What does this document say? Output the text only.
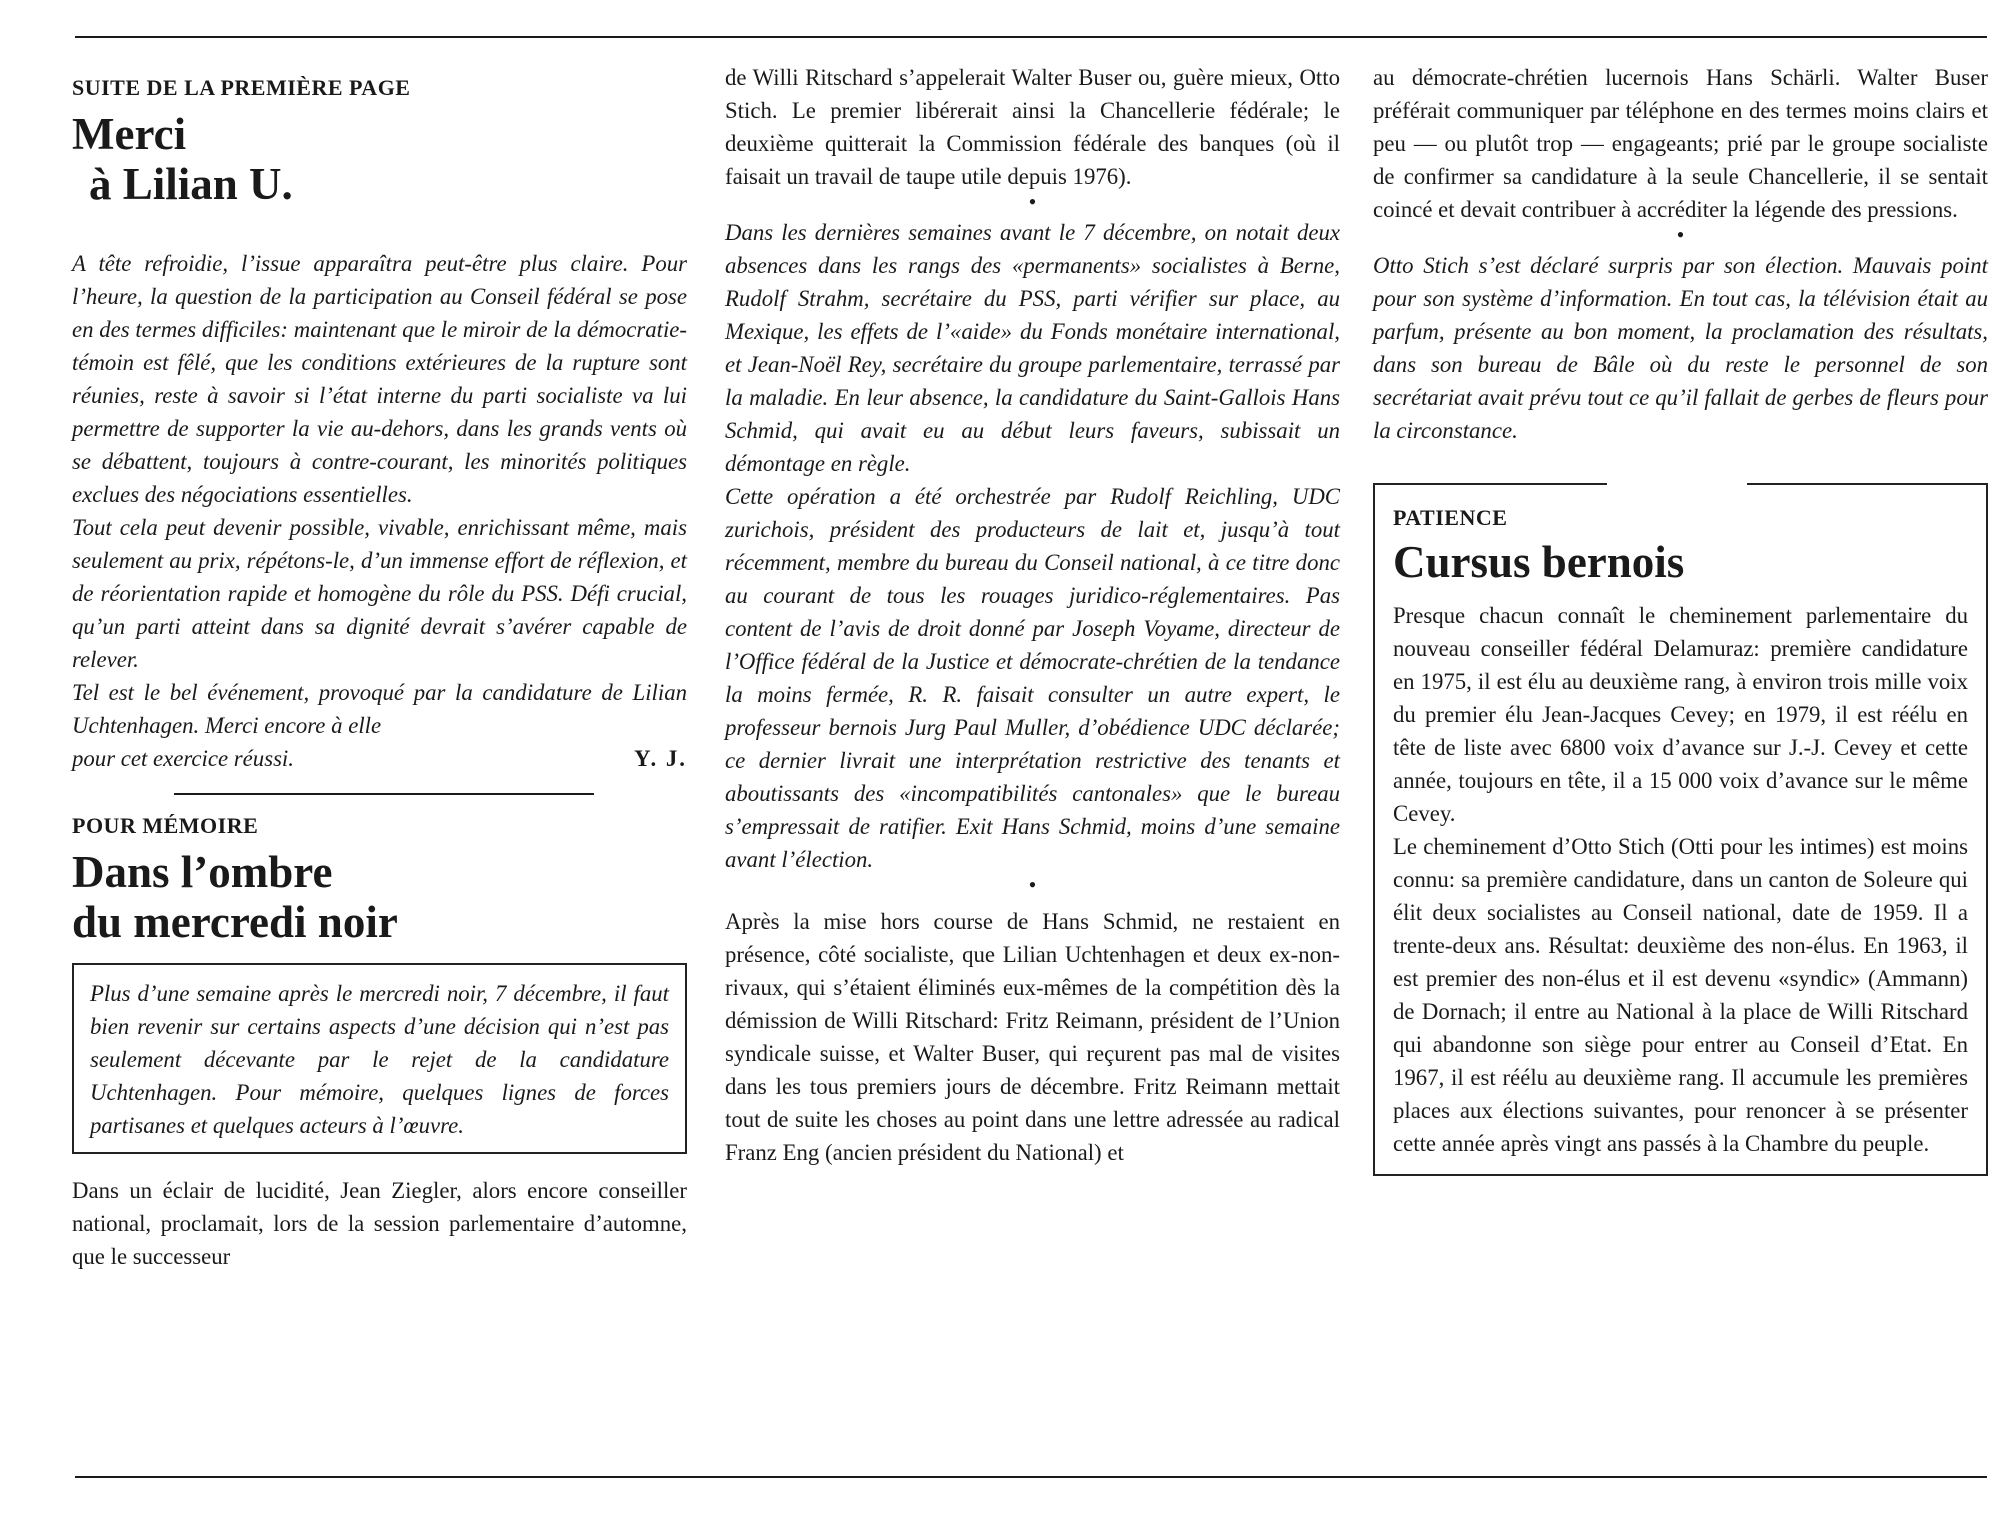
SUITE DE LA PREMIÈRE PAGE
Merci
à Lilian U.

A tête refroidie, l’issue apparaîtra peut-être plus claire. Pour l’heure, la question de la participation au Conseil fédéral se pose en des termes difficiles: maintenant que le miroir de la démocratie-témoin est fêlé, que les conditions extérieures de la rupture sont réunies, reste à savoir si l’état interne du parti socialiste va lui permettre de supporter la vie au-dehors, dans les grands vents où se débattent, toujours à contre-courant, les minorités politiques exclues des négociations essentielles.

Tout cela peut devenir possible, vivable, enrichissant même, mais seulement au prix, répétons-le, d’un immense effort de réflexion, et de réorientation rapide et homogène du rôle du PSS. Défi crucial, qu’un parti atteint dans sa dignité devrait s’avérer capable de relever.

Tel est le bel événement, provoqué par la candidature de Lilian Uchtenhagen. Merci encore à elle

pour cet exercice réussi.	Y. J.

POUR MÉMOIRE
Dans l’ombre
du mercredi noir

Plus d’une semaine après le mercredi noir, 7 décembre, il faut bien revenir sur certains aspects d’une décision qui n’est pas seulement décevante par le rejet de la candidature Uchtenhagen. Pour mémoire, quelques lignes de forces partisanes et quelques acteurs à l’œuvre.

Dans un éclair de lucidité, Jean Ziegler, alors encore conseiller national, proclamait, lors de la session parlementaire d’automne, que le successeur

de Willi Ritschard s’appelerait Walter Buser ou, guère mieux, Otto Stich. Le premier libérerait ainsi la Chancellerie fédérale; le deuxième quitterait la Commission fédérale des banques (où il faisait un travail de taupe utile depuis 1976).

•

Dans les dernières semaines avant le 7 décembre, on notait deux absences dans les rangs des «permanents» socialistes à Berne, Rudolf Strahm, secrétaire du PSS, parti vérifier sur place, au Mexique, les effets de l’«aide» du Fonds monétaire international, et Jean-Noël Rey, secrétaire du groupe parlementaire, terrassé par la maladie. En leur absence, la candidature du Saint-Gallois Hans Schmid, qui avait eu au début leurs faveurs, subissait un démontage en règle.

Cette opération a été orchestrée par Rudolf Reichling, UDC zurichois, président des producteurs de lait et, jusqu’à tout récemment, membre du bureau du Conseil national, à ce titre donc au courant de tous les rouages juridico-réglementaires. Pas content de l’avis de droit donné par Joseph Voyame, directeur de l’Office fédéral de la Justice et démocrate-chrétien de la tendance la moins fermée, R. R. faisait consulter un autre expert, le professeur bernois Jurg Paul Muller, d’obédience UDC déclarée; ce dernier livrait une interprétation restrictive des tenants et aboutissants des «incompatibilités cantonales» que le bureau s’empressait de ratifier. Exit Hans Schmid, moins d’une semaine avant l’élection.

•

Après la mise hors course de Hans Schmid, ne restaient en présence, côté socialiste, que Lilian Uchtenhagen et deux ex-non-rivaux, qui s’étaient éliminés eux-mêmes de la compétition dès la démission de Willi Ritschard: Fritz Reimann, président de l’Union syndicale suisse, et Walter Buser, qui reçurent pas mal de visites dans les tous premiers jours de décembre. Fritz Reimann mettait tout de suite les choses au point dans une lettre adressée au radical Franz Eng (ancien président du National) et

au démocrate-chrétien lucernois Hans Schärli. Walter Buser préférait communiquer par téléphone en des termes moins clairs et peu — ou plutôt trop — engageants; prié par le groupe socialiste de confirmer sa candidature à la seule Chancellerie, il se sentait coincé et devait contribuer à accréditer la légende des pressions.

•

Otto Stich s’est déclaré surpris par son élection. Mauvais point pour son système d’information. En tout cas, la télévision était au parfum, présente au bon moment, la proclamation des résultats, dans son bureau de Bâle où du reste le personnel de son secrétariat avait prévu tout ce qu’il fallait de gerbes de fleurs pour la circonstance.

PATIENCE
Cursus bernois

Presque chacun connaît le cheminement parlementaire du nouveau conseiller fédéral Delamuraz: première candidature en 1975, il est élu au deuxième rang, à environ trois mille voix du premier élu Jean-Jacques Cevey; en 1979, il est réélu en tête de liste avec 6800 voix d’avance sur J.-J. Cevey et cette année, toujours en tête, il a 15 000 voix d’avance sur le même Cevey.

Le cheminement d’Otto Stich (Otti pour les intimes) est moins connu: sa première candidature, dans un canton de Soleure qui élit deux socialistes au Conseil national, date de 1959. Il a trente-deux ans. Résultat: deuxième des non-élus. En 1963, il est premier des non-élus et il est devenu «syndic» (Ammann) de Dornach; il entre au National à la place de Willi Ritschard qui abandonne son siège pour entrer au Conseil d’Etat. En 1967, il est réélu au deuxième rang. Il accumule les premières places aux élections suivantes, pour renoncer à se présenter cette année après vingt ans passés à la Chambre du peuple.
